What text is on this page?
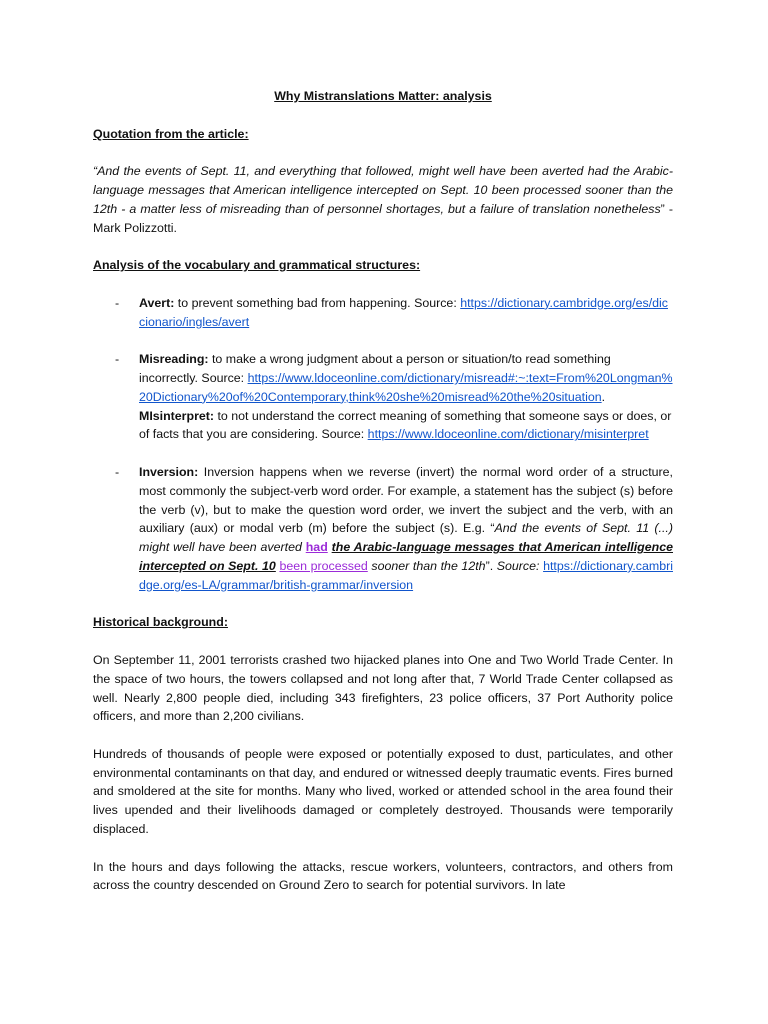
Why Mistranslations Matter: analysis
Quotation from the article:
“And the events of Sept. 11, and everything that followed, might well have been averted had the Arabic-language messages that American intelligence intercepted on Sept. 10 been processed sooner than the 12th - a matter less of misreading than of personnel shortages, but a failure of translation nonetheless” - Mark Polizzotti.
Analysis of the vocabulary and grammatical structures:
- Avert: to prevent something bad from happening. Source: https://dictionary.cambridge.org/es/diccionario/ingles/avert
- Misreading: to make a wrong judgment about a person or situation/to read something incorrectly. Source: https://www.ldoceonline.com/dictionary/misread#:~:text=From%20Longman%20Dictionary%20of%20Contemporary,think%20she%20misread%20the%20situation.
MIsinterpret: to not understand the correct meaning of something that someone says or does, or of facts that you are considering. Source: https://www.ldoceonline.com/dictionary/misinterpret
- Inversion: Inversion happens when we reverse (invert) the normal word order of a structure, most commonly the subject-verb word order. For example, a statement has the subject (s) before the verb (v), but to make the question word order, we invert the subject and the verb, with an auxiliary (aux) or modal verb (m) before the subject (s). E.g. “And the events of Sept. 11 (...) might well have been averted had the Arabic-language messages that American intelligence intercepted on Sept. 10 been processed sooner than the 12th”. Source: https://dictionary.cambridge.org/es-LA/grammar/british-grammar/inversion
Historical background:

On September 11, 2001 terrorists crashed two hijacked planes into One and Two World Trade Center. In the space of two hours, the towers collapsed and not long after that, 7 World Trade Center collapsed as well. Nearly 2,800 people died, including 343 firefighters, 23 police officers, 37 Port Authority police officers, and more than 2,200 civilians.

Hundreds of thousands of people were exposed or potentially exposed to dust, particulates, and other environmental contaminants on that day, and endured or witnessed deeply traumatic events. Fires burned and smoldered at the site for months. Many who lived, worked or attended school in the area found their lives upended and their livelihoods damaged or completely destroyed. Thousands were temporarily displaced.

In the hours and days following the attacks, rescue workers, volunteers, contractors, and others from across the country descended on Ground Zero to search for potential survivors. In late
